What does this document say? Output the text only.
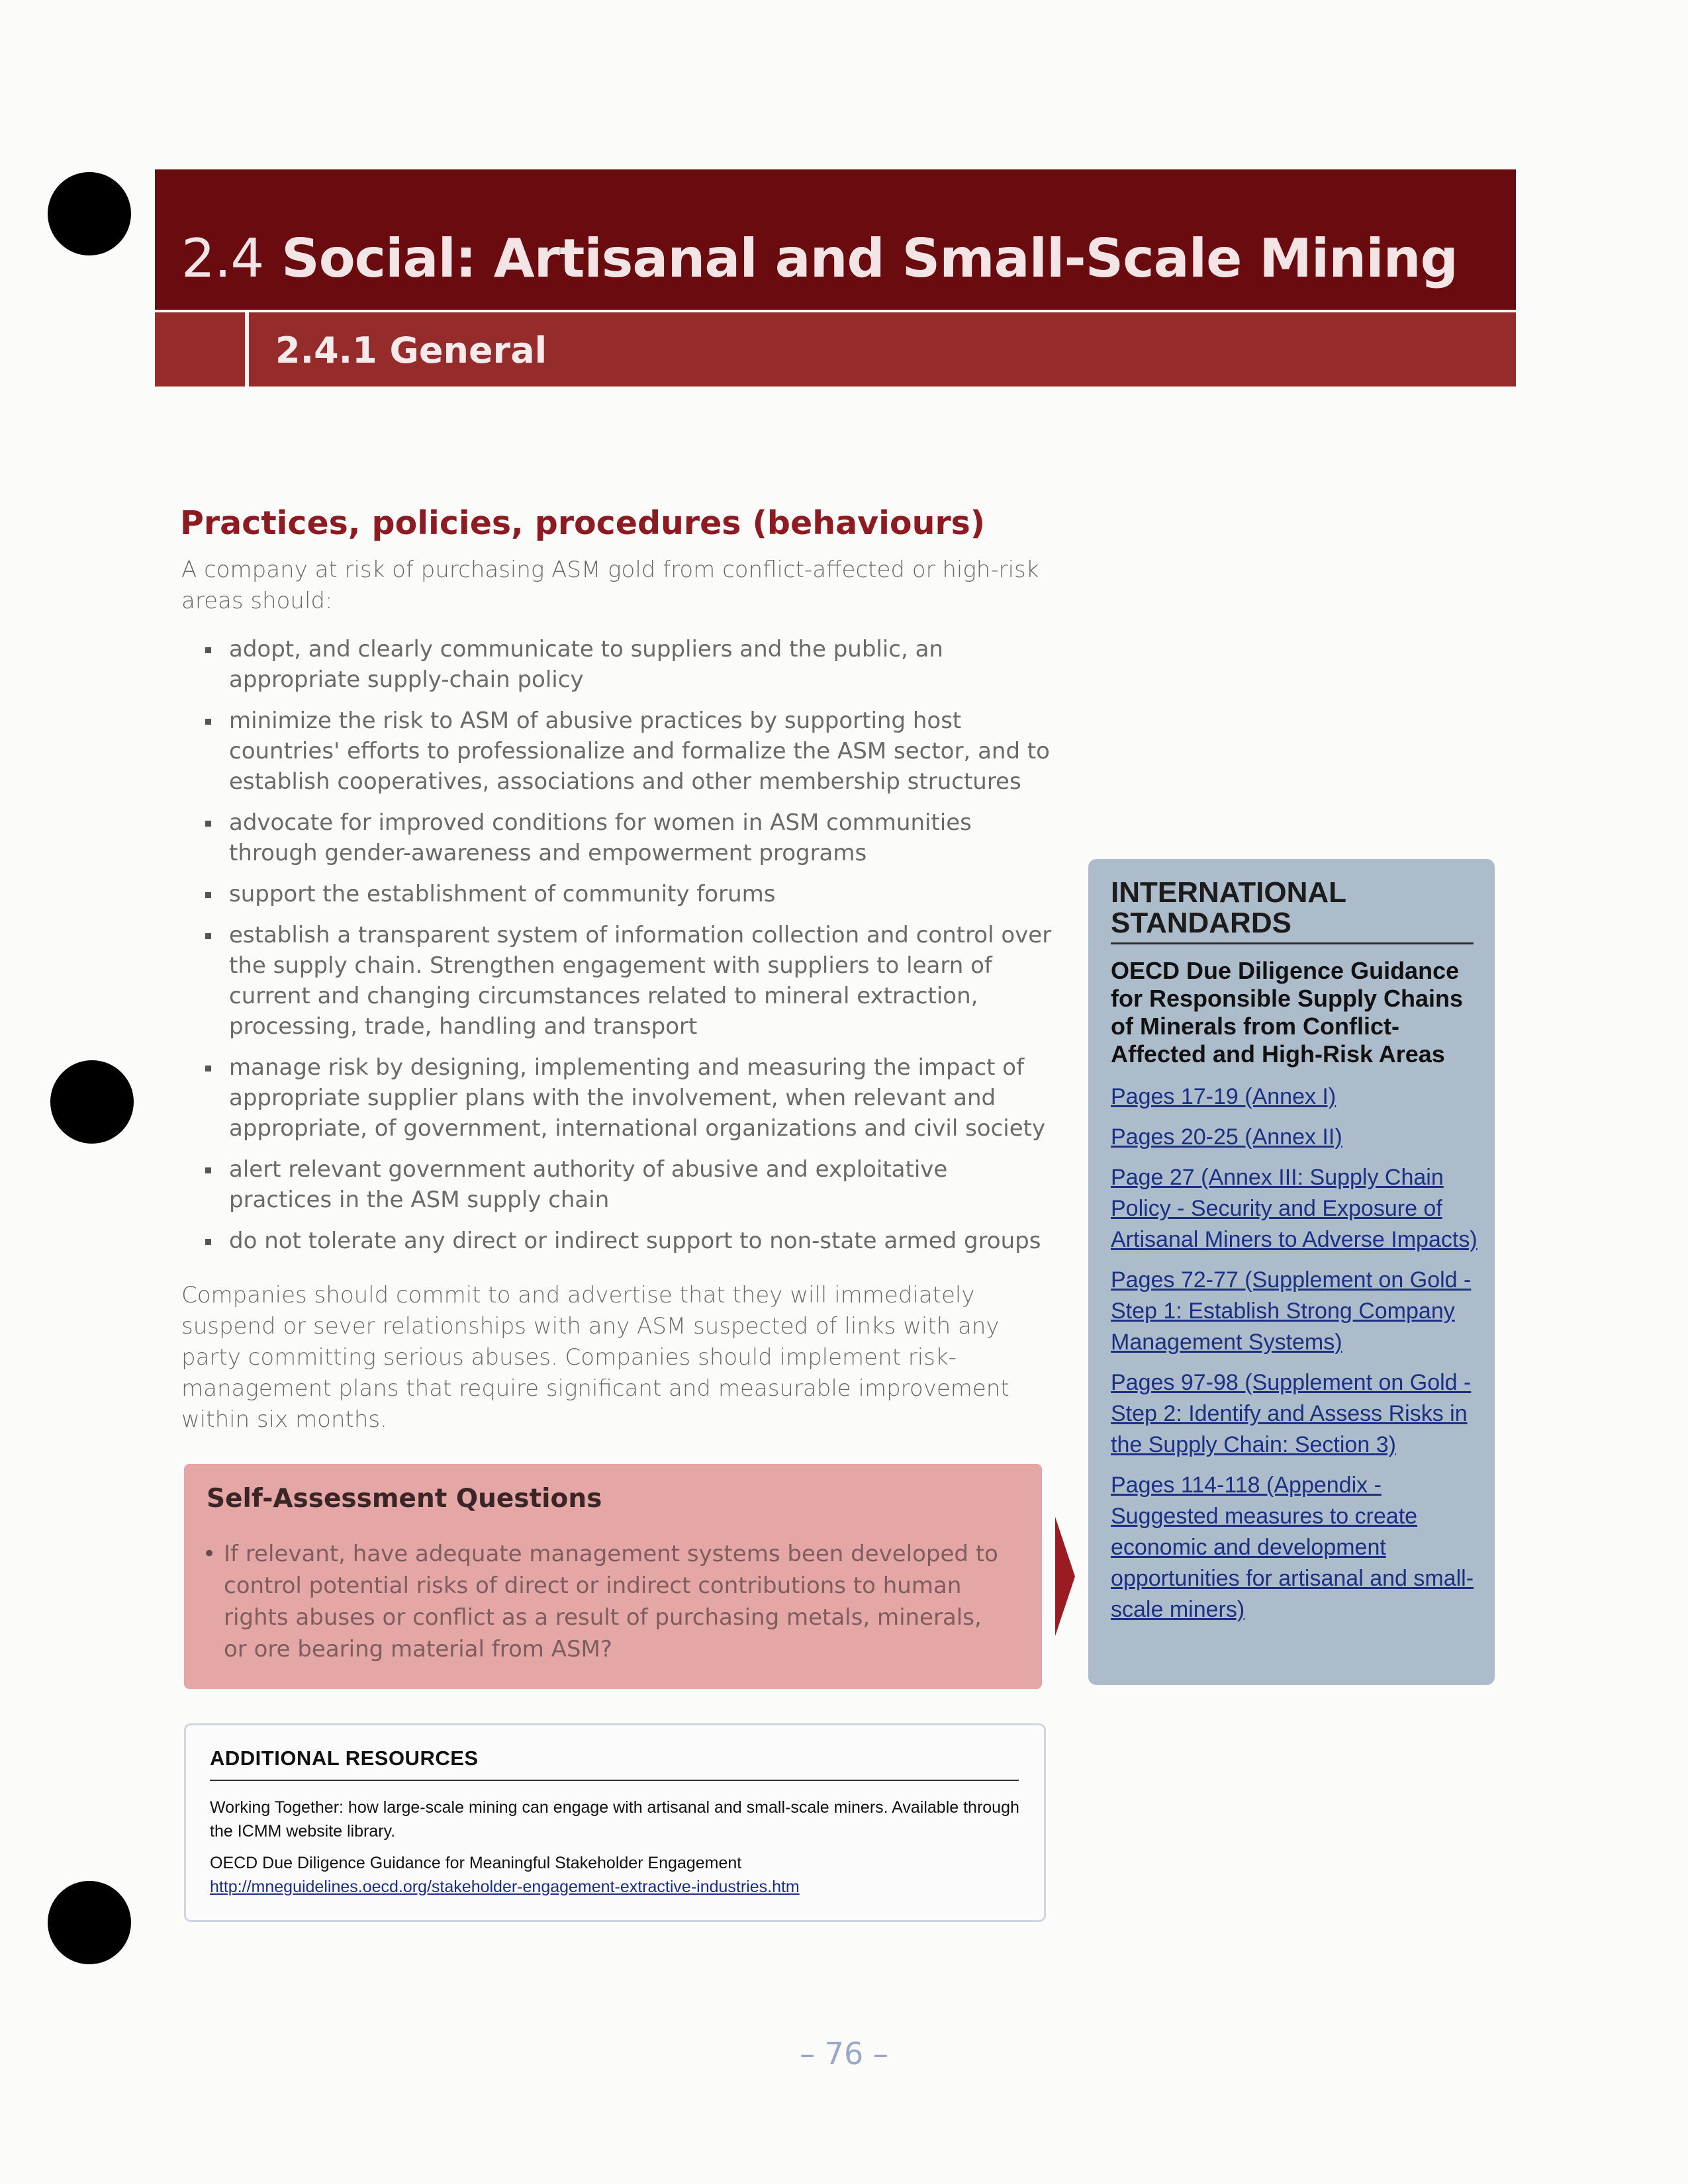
2.4 Social: Artisanal and Small-Scale Mining
2.4.1 General
Practices, policies, procedures (behaviours)

A company at risk of purchasing ASM gold from conflict-affected or high-risk areas should:

adopt, and clearly communicate to suppliers and the public, an appropriate supply-chain policy
minimize the risk to ASM of abusive practices by supporting host countries' efforts to professionalize and formalize the ASM sector, and to establish cooperatives, associations and other membership structures
advocate for improved conditions for women in ASM communities through gender-awareness and empowerment programs
support the establishment of community forums
establish a transparent system of information collection and control over the supply chain. Strengthen engagement with suppliers to learn of current and changing circumstances related to mineral extraction, processing, trade, handling and transport
manage risk by designing, implementing and measuring the impact of appropriate supplier plans with the involvement, when relevant and appropriate, of government, international organizations and civil society
alert relevant government authority of abusive and exploitative practices in the ASM supply chain
do not tolerate any direct or indirect support to non-state armed groups

Companies should commit to and advertise that they will immediately suspend or sever relationships with any ASM suspected of links with any party committing serious abuses. Companies should implement risk-management plans that require significant and measurable improvement within six months.

Self-Assessment Questions

• If relevant, have adequate management systems been developed to control potential risks of direct or indirect contributions to human rights abuses or conflict as a result of purchasing metals, minerals, or ore bearing material from ASM?

ADDITIONAL RESOURCES

Working Together: how large-scale mining can engage with artisanal and small-scale miners. Available through the ICMM website library.

OECD Due Diligence Guidance for Meaningful Stakeholder Engagement http://mneguidelines.oecd.org/stakeholder-engagement-extractive-industries.htm

INTERNATIONAL STANDARDS

OECD Due Diligence Guidance for Responsible Supply Chains of Minerals from Conflict-Affected and High-Risk Areas

Pages 17-19 (Annex I)
Pages 20-25 (Annex II)
Page 27 (Annex III: Supply Chain Policy - Security and Exposure of Artisanal Miners to Adverse Impacts)
Pages 72-77 (Supplement on Gold - Step 1: Establish Strong Company Management Systems)
Pages 97-98 (Supplement on Gold - Step 2: Identify and Assess Risks in the Supply Chain: Section 3)
Pages 114-118 (Appendix - Suggested measures to create economic and development opportunities for artisanal and small-scale miners)

– 76 –
